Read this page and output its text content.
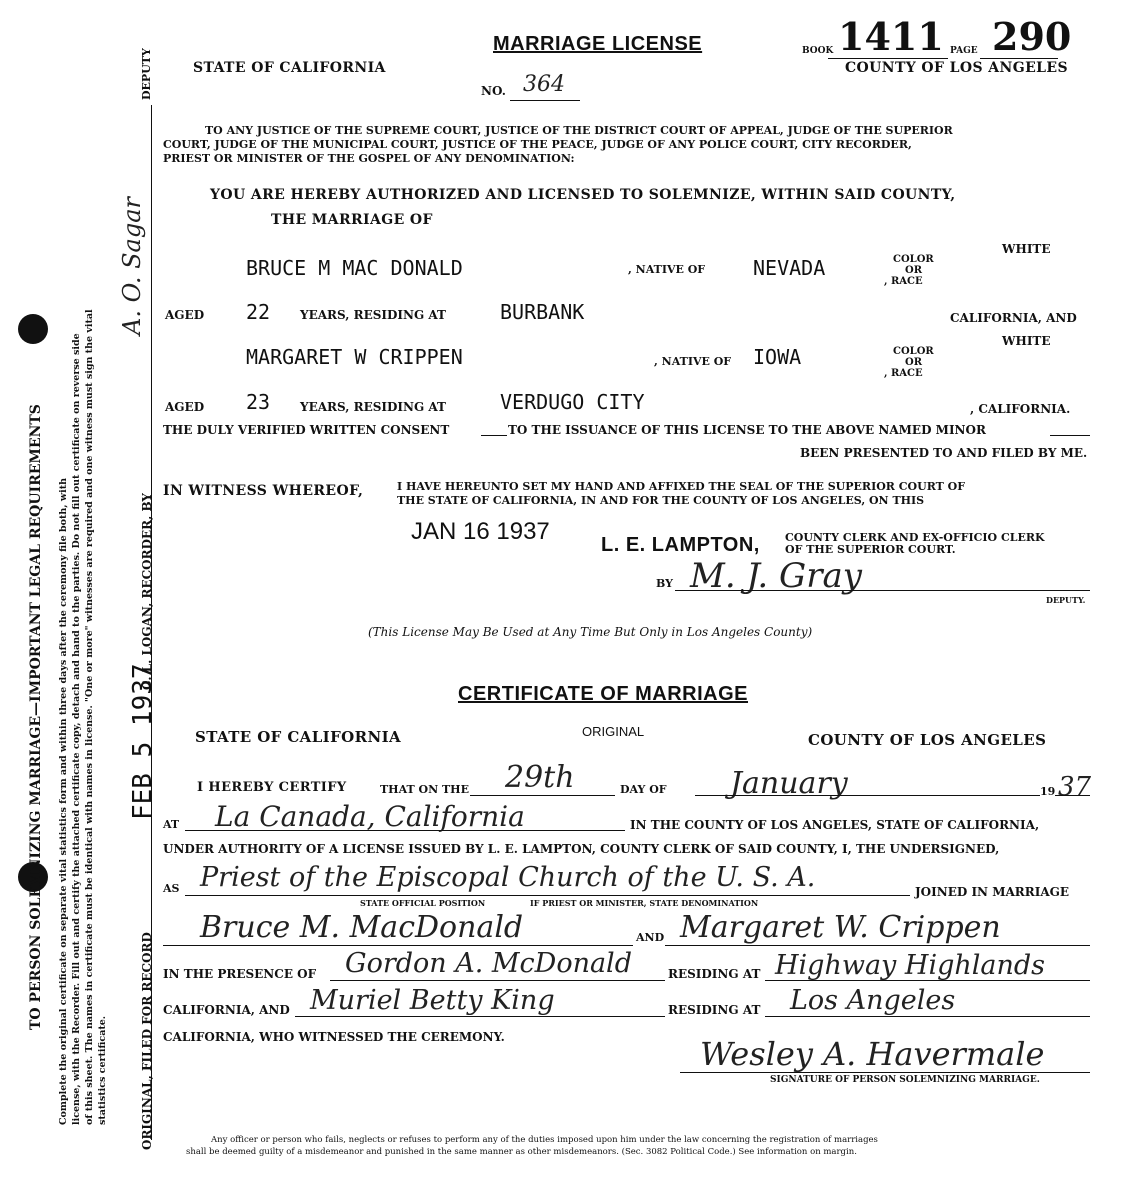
TO PERSON SOLEMNIZING MARRIAGE—IMPORTANT LEGAL REQUIREMENTS Complete the original certificate on separate vital statistics form and within three days after the ceremony file both, with license, with the Recorder. Fill out and certify the attached certificate copy, detach and hand to the parties. Do not fill out certificate on reverse side of this sheet. The names in certificate must be identical with names in license. "One or more" witnesses are required and one witness must sign the vital statistics certificate.	ORIGINAL, FILED FOR RECORD
FEB 5 1937
C. L. LOGAN, RECORDER, BY
A. O. Sagar
DEPUTY
MARRIAGE LICENSE	BOOK 1411 PAGE 290
STATE OF CALIFORNIA	COUNTY OF LOS ANGELES
NO. 364
TO ANY JUSTICE OF THE SUPREME COURT, JUSTICE OF THE DISTRICT COURT OF APPEAL, JUDGE OF THE SUPERIOR
COURT, JUDGE OF THE MUNICIPAL COURT, JUSTICE OF THE PEACE, JUDGE OF ANY POLICE COURT, CITY RECORDER,
PRIEST OR MINISTER OF THE GOSPEL OF ANY DENOMINATION:
YOU ARE HEREBY AUTHORIZED AND LICENSED TO SOLEMNIZE, WITHIN SAID COUNTY,
THE MARRIAGE OF
BRUCE M MAC DONALD	, NATIVE OF NEVADA	COLOR
OR
, RACE
WHITE
AGED 22 YEARS, RESIDING AT	BURBANK	CALIFORNIA, AND
MARGARET W CRIPPEN	, NATIVE OF IOWA	COLOR
OR
, RACE
WHITE
AGED 23 YEARS, RESIDING AT	VERDUGO CITY	, CALIFORNIA.
THE DULY VERIFIED WRITTEN CONSENT	TO THE ISSUANCE OF THIS LICENSE TO THE ABOVE NAMED MINOR
BEEN PRESENTED TO AND FILED BY ME.
IN WITNESS WHEREOF,	I HAVE HEREUNTO SET MY HAND AND AFFIXED THE SEAL OF THE SUPERIOR COURT OF
THE STATE OF CALIFORNIA, IN AND FOR THE COUNTY OF LOS ANGELES, ON THIS
JAN 16 1937	L. E. LAMPTON, COUNTY CLERK AND EX-OFFICIO CLERK
OF THE SUPERIOR COURT.
BY M. J. Gray
DEPUTY.
(This License May Be Used at Any Time But Only in Los Angeles County)
CERTIFICATE OF MARRIAGE
ORIGINAL
STATE OF CALIFORNIA	COUNTY OF LOS ANGELES
I HEREBY CERTIFY	THAT ON THE 29th	DAY OF January	19 37
AT La Canada, California	IN THE COUNTY OF LOS ANGELES, STATE OF CALIFORNIA,
UNDER AUTHORITY OF A LICENSE ISSUED BY L. E. LAMPTON, COUNTY CLERK OF SAID COUNTY, I, THE UNDERSIGNED,
AS Priest of the Episcopal Church of the U. S. A.	JOINED IN MARRIAGE
STATE OFFICIAL POSITION	IF PRIEST OR MINISTER, STATE DENOMINATION
Bruce M. MacDonald	AND Margaret W. Crippen
IN THE PRESENCE OF Gordon A. McDonald	RESIDING AT Highway Highlands
CALIFORNIA, AND Muriel Betty King	RESIDING AT Los Angeles
CALIFORNIA, WHO WITNESSED THE CEREMONY.	Wesley A. Havermale
SIGNATURE OF PERSON SOLEMNIZING MARRIAGE.
Any officer or person who fails, neglects or refuses to perform any of the duties imposed upon him under the law concerning the registration of marriages
shall be deemed guilty of a misdemeanor and punished in the same manner as other misdemeanors. (Sec. 3082 Political Code.) See information on margin.
